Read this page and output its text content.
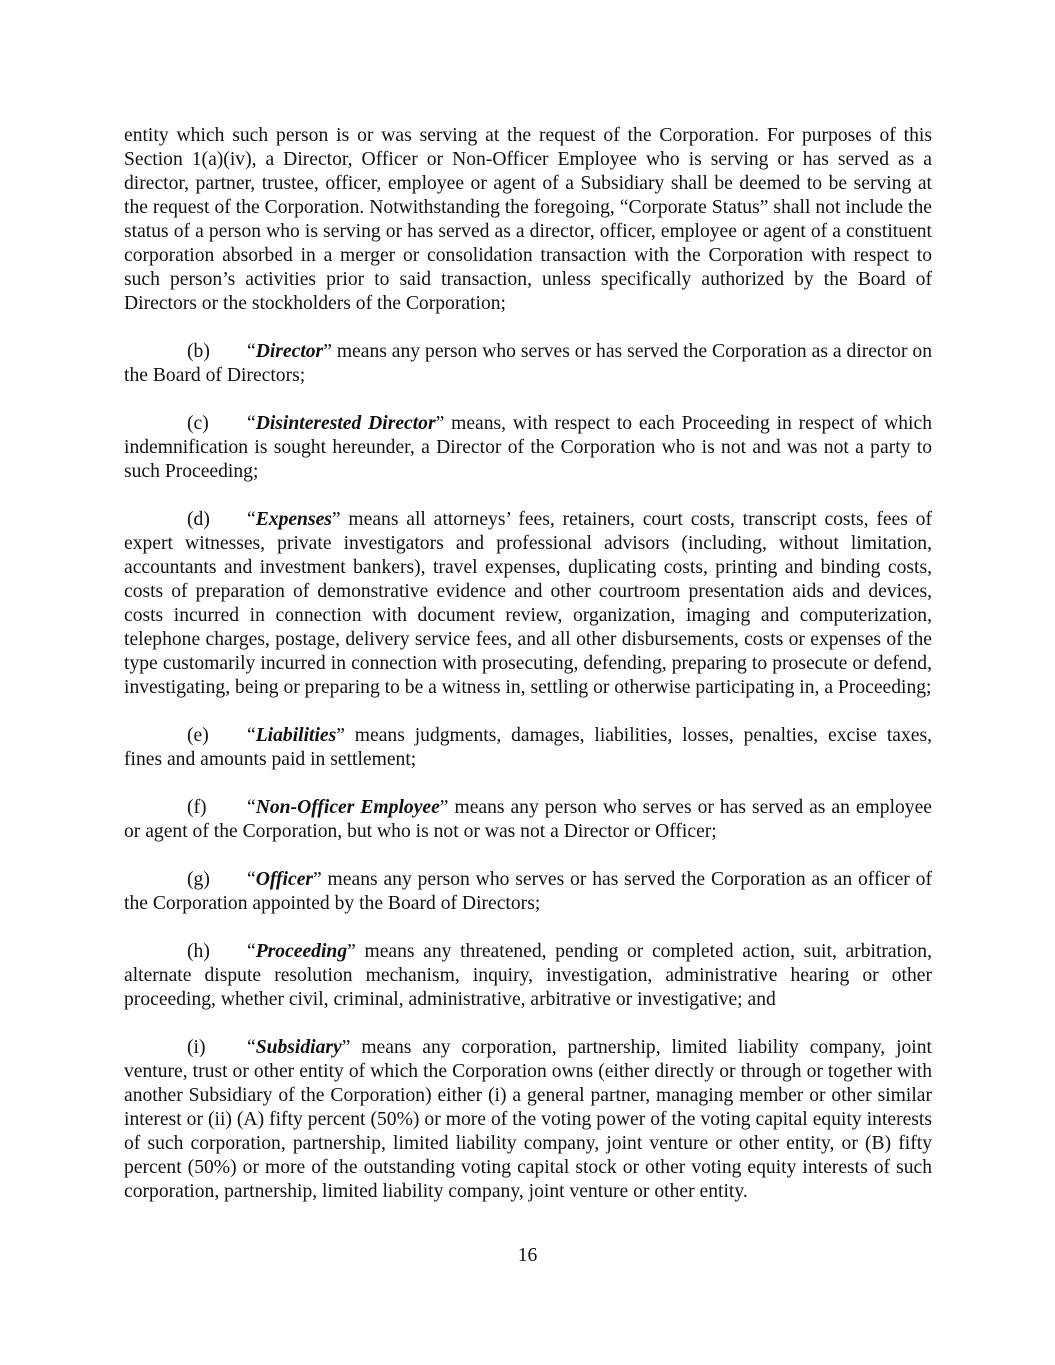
entity which such person is or was serving at the request of the Corporation. For purposes of this Section 1(a)(iv), a Director, Officer or Non-Officer Employee who is serving or has served as a director, partner, trustee, officer, employee or agent of a Subsidiary shall be deemed to be serving at the request of the Corporation. Notwithstanding the foregoing, “Corporate Status” shall not include the status of a person who is serving or has served as a director, officer, employee or agent of a constituent corporation absorbed in a merger or consolidation transaction with the Corporation with respect to such person’s activities prior to said transaction, unless specifically authorized by the Board of Directors or the stockholders of the Corporation;

(b) “Director” means any person who serves or has served the Corporation as a director on the Board of Directors;

(c) “Disinterested Director” means, with respect to each Proceeding in respect of which indemnification is sought hereunder, a Director of the Corporation who is not and was not a party to such Proceeding;

(d) “Expenses” means all attorneys’ fees, retainers, court costs, transcript costs, fees of expert witnesses, private investigators and professional advisors (including, without limitation, accountants and investment bankers), travel expenses, duplicating costs, printing and binding costs, costs of preparation of demonstrative evidence and other courtroom presentation aids and devices, costs incurred in connection with document review, organization, imaging and computerization, telephone charges, postage, delivery service fees, and all other disbursements, costs or expenses of the type customarily incurred in connection with prosecuting, defending, preparing to prosecute or defend, investigating, being or preparing to be a witness in, settling or otherwise participating in, a Proceeding;

(e) “Liabilities” means judgments, damages, liabilities, losses, penalties, excise taxes, fines and amounts paid in settlement;

(f) “Non-Officer Employee” means any person who serves or has served as an employee or agent of the Corporation, but who is not or was not a Director or Officer;

(g) “Officer” means any person who serves or has served the Corporation as an officer of the Corporation appointed by the Board of Directors;

(h) “Proceeding” means any threatened, pending or completed action, suit, arbitration, alternate dispute resolution mechanism, inquiry, investigation, administrative hearing or other proceeding, whether civil, criminal, administrative, arbitrative or investigative; and

(i) “Subsidiary” means any corporation, partnership, limited liability company, joint venture, trust or other entity of which the Corporation owns (either directly or through or together with another Subsidiary of the Corporation) either (i) a general partner, managing member or other similar interest or (ii) (A) fifty percent (50%) or more of the voting power of the voting capital equity interests of such corporation, partnership, limited liability company, joint venture or other entity, or (B) fifty percent (50%) or more of the outstanding voting capital stock or other voting equity interests of such corporation, partnership, limited liability company, joint venture or other entity.

16
